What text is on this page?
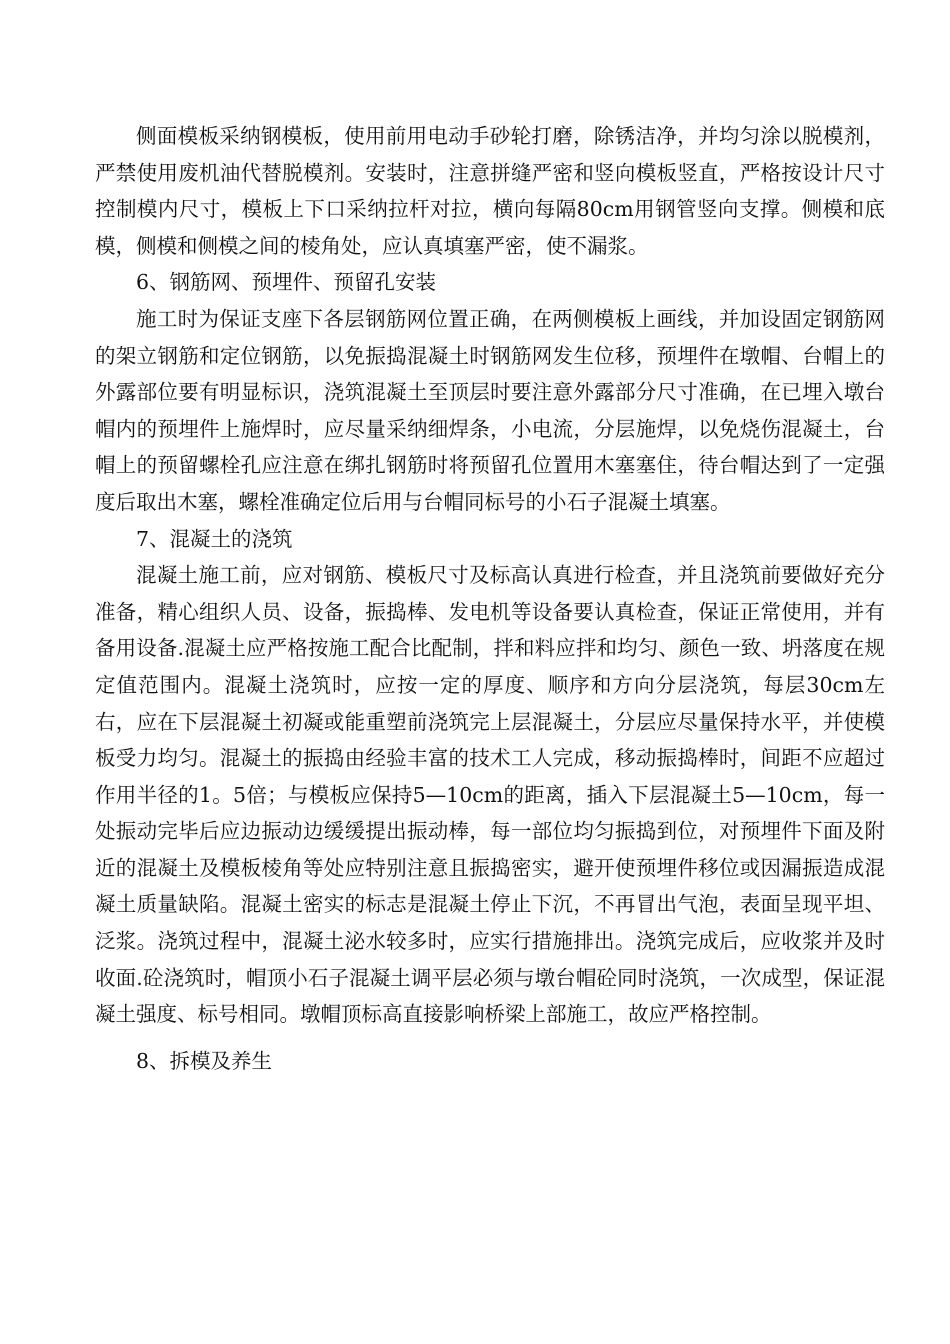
侧面模板采纳钢模板，使用前用电动手砂轮打磨，除锈洁净，并均匀涂以脱模剂，严禁使用废机油代替脱模剂。安装时，注意拼缝严密和竖向模板竖直，严格按设计尺寸控制模内尺寸，模板上下口采纳拉杆对拉，横向每隔80cm用钢管竖向支撑。侧模和底模，侧模和侧模之间的棱角处，应认真填塞严密，使不漏浆。

6、钢筋网、预埋件、预留孔安装

施工时为保证支座下各层钢筋网位置正确，在两侧模板上画线，并加设固定钢筋网的架立钢筋和定位钢筋，以免振捣混凝土时钢筋网发生位移，预埋件在墩帽、台帽上的外露部位要有明显标识，浇筑混凝土至顶层时要注意外露部分尺寸准确，在已埋入墩台帽内的预埋件上施焊时，应尽量采纳细焊条，小电流，分层施焊，以免烧伤混凝土，台帽上的预留螺栓孔应注意在绑扎钢筋时将预留孔位置用木塞塞住，待台帽达到了一定强度后取出木塞，螺栓准确定位后用与台帽同标号的小石子混凝土填塞。

7、混凝土的浇筑

混凝土施工前，应对钢筋、模板尺寸及标高认真进行检查，并且浇筑前要做好充分准备，精心组织人员、设备，振捣棒、发电机等设备要认真检查，保证正常使用，并有备用设备.混凝土应严格按施工配合比配制，拌和料应拌和均匀、颜色一致、坍落度在规定值范围内。混凝土浇筑时，应按一定的厚度、顺序和方向分层浇筑，每层30cm左右，应在下层混凝土初凝或能重塑前浇筑完上层混凝土，分层应尽量保持水平，并使模板受力均匀。混凝土的振捣由经验丰富的技术工人完成，移动振捣棒时，间距不应超过作用半径的1。5倍；与模板应保持5—10cm的距离，插入下层混凝土5—10cm，每一处振动完毕后应边振动边缓缓提出振动棒，每一部位均匀振捣到位，对预埋件下面及附近的混凝土及模板棱角等处应特别注意且振捣密实，避开使预埋件移位或因漏振造成混凝土质量缺陷。混凝土密实的标志是混凝土停止下沉，不再冒出气泡，表面呈现平坦、泛浆。浇筑过程中，混凝土泌水较多时，应实行措施排出。浇筑完成后，应收浆并及时收面.砼浇筑时，帽顶小石子混凝土调平层必须与墩台帽砼同时浇筑，一次成型，保证混凝土强度、标号相同。墩帽顶标高直接影响桥梁上部施工，故应严格控制。

8、拆模及养生
